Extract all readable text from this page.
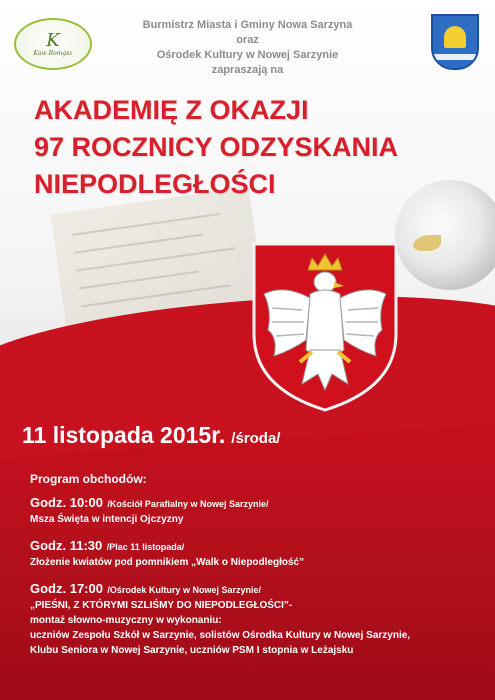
K
Kaw Romgsz
Burmistrz Miasta i Gminy Nowa Sarzyna
oraz
Ośrodek Kultury w Nowej Sarzynie
zapraszają na
AKADEMIĘ Z OKAZJI
97 ROCZNICY ODZYSKANIA
NIEPODLEGŁOŚCI
11 listopada 2015r. /środa/
Program obchodów:
Godz. 10:00 /Kościół Parafialny w Nowej Sarzynie/
Msza Święta w intencji Ojczyzny
Godz. 11:30 /Plac 11 listopada/
Złożenie kwiatów pod pomnikiem „Walk o Niepodległość”
Godz. 17:00 /Ośrodek Kultury w Nowej Sarzynie/
„PIEŚNI, Z KTÓRYMI SZLIŚMY DO NIEPODLEGŁOŚCI”-
montaż słowno-muzyczny w wykonaniu:
uczniów Zespołu Szkół w Sarzynie, solistów Ośrodka Kultury w Nowej Sarzynie,
Klubu Seniora w Nowej Sarzynie, uczniów PSM I stopnia w Leżajsku
